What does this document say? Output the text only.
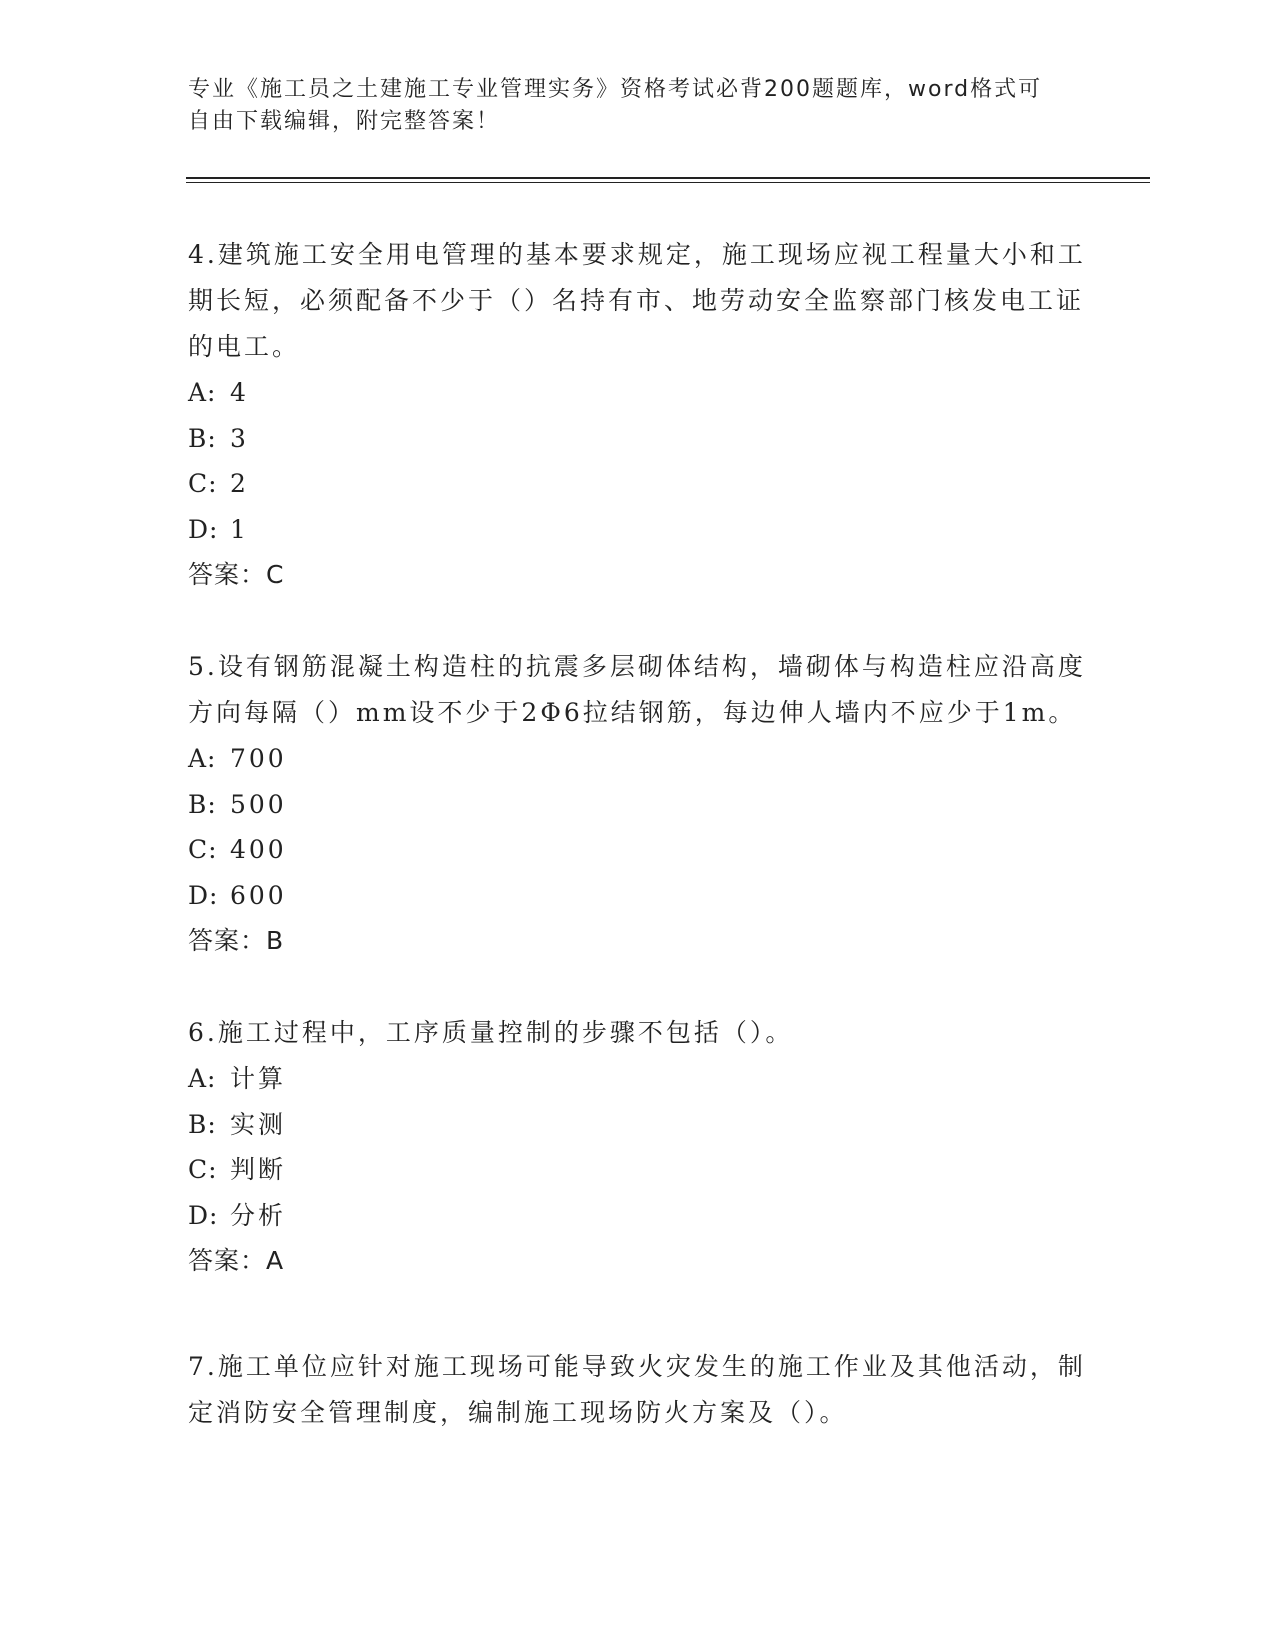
专业《施工员之土建施工专业管理实务》资格考试必背200题题库，word格式可
自由下载编辑，附完整答案！

4.建筑施工安全用电管理的基本要求规定，施工现场应视工程量大小和工期长短，必须配备不少于（）名持有市、地劳动安全监察部门核发电工证的电工。

A: 4
B: 3
C: 2
D: 1
答案：C

5.设有钢筋混凝土构造柱的抗震多层砌体结构，墙砌体与构造柱应沿高度方向每隔（）mm设不少于2Φ6拉结钢筋，每边伸人墙内不应少于1m。

A: 700
B: 500
C: 400
D: 600
答案：B

6.施工过程中，工序质量控制的步骤不包括（）。

A: 计算
B: 实测
C: 判断
D: 分析
答案：A

7.施工单位应针对施工现场可能导致火灾发生的施工作业及其他活动，制定消防安全管理制度，编制施工现场防火方案及（）。
